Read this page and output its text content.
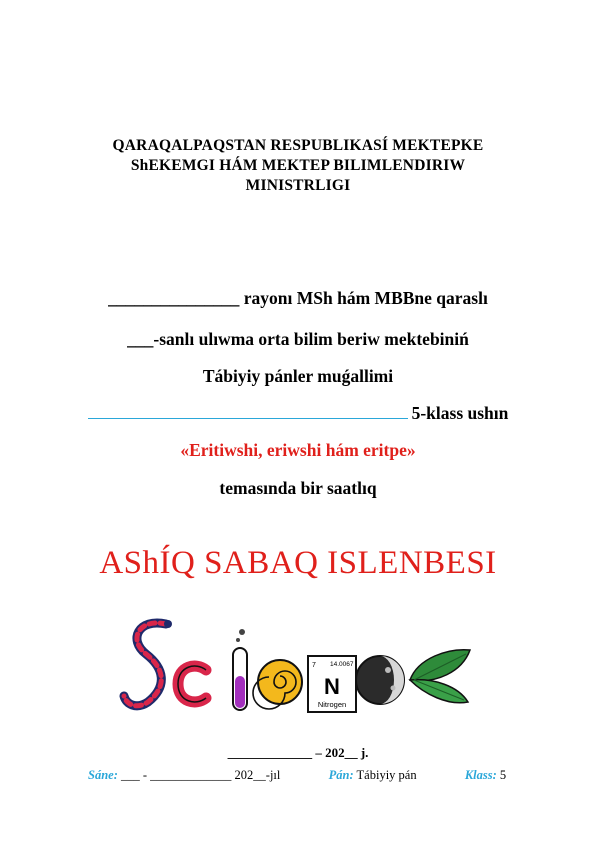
QARAQALPAQSTAN RESPUBLIKASÍ MEKTEPKE
ShEKEMGI HÁM MEKTEP BILIMLENDIRIW
MINISTRLIGI
_______________ rayonı MSh hám MBBne qaraslı
___-sanlı ulıwma orta bilim beriw mektebiniń
Tábiyiy pánler muǵallimi
5-klass ushın
«Eritiwshi, eriwshi hám eritpe»
temasında bir saatlıq
AShÍQ SABAQ ISLENBESI
7 14.0067
N
Nitrogen
_____________ – 202__ j.
Sáne: ___ - _____________ 202__-jıl	Pán: Tábiyiy pán	Klass: 5
